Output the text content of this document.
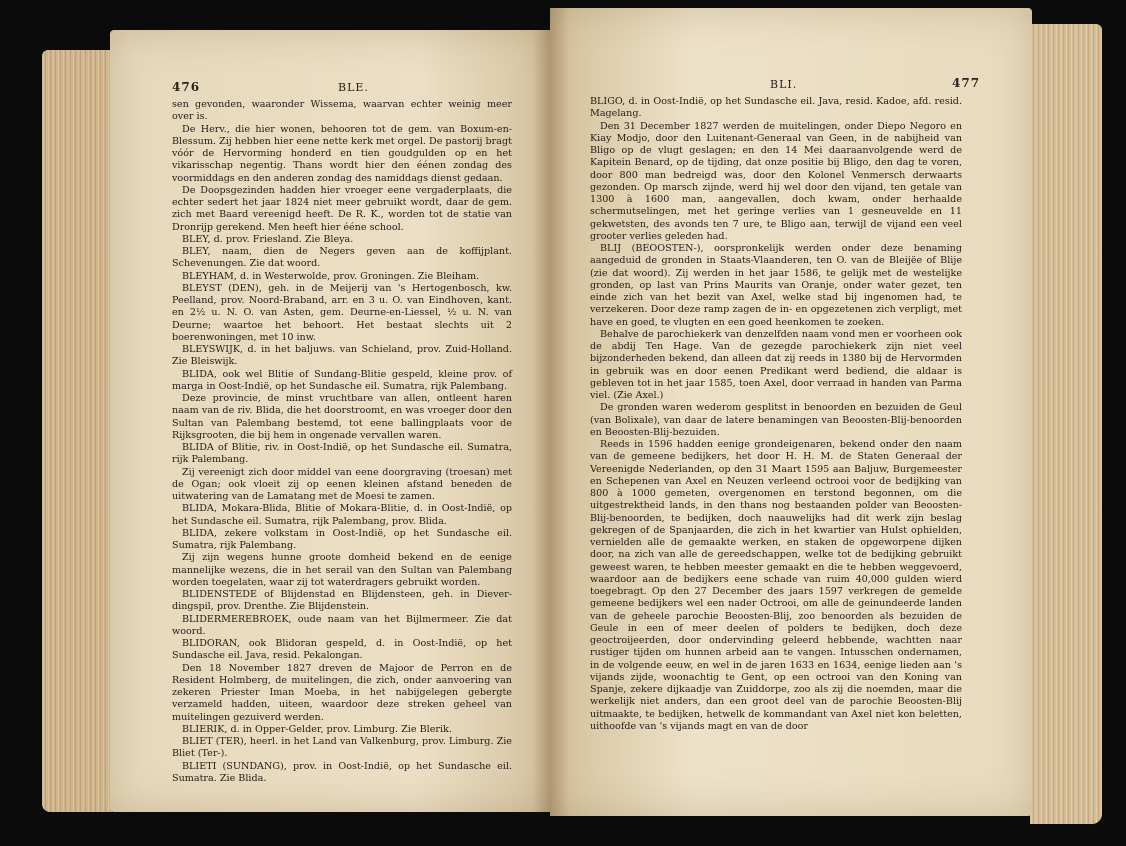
476	BLE.

sen gevonden, waaronder Wissema, waarvan echter weinig meer over is.

De Herv., die hier wonen, behooren tot de gem. van Boxum-en-Blessum. Zij hebben hier eene nette kerk met orgel. De pastorij bragt vóór de Hervorming honderd en tien goudgulden op en het vikarisschap negentig. Thans wordt hier den éénen zondag des voormiddags en den anderen zondag des namiddags dienst gedaan.

De Doopsgezinden hadden hier vroeger eene vergaderplaats, die echter sedert het jaar 1824 niet meer gebruikt wordt, daar de gem. zich met Baard vereenigd heeft. De R. K., worden tot de statie van Dronrijp gerekend. Men heeft hier ééne school.

BLEY, d. prov. Friesland. Zie Bleya.

BLEY, naam, dien de Negers geven aan de koffijplant. Schevenungen. Zie dat woord.

BLEYHAM, d. in Westerwolde, prov. Groningen. Zie Bleiham.

BLEYST (DEN), geh. in de Meijerij van 's Hertogenbosch, kw. Peelland, prov. Noord-Braband, arr. en 3 u. O. van Eindhoven, kant. en 2½ u. N. O. van Asten, gem. Deurne-en-Liessel, ½ u. N. van Deurne; waartoe het behoort. Het bestaat slechts uit 2 boerenwoningen, met 10 inw.

BLEYSWIJK, d. in het baljuws. van Schieland, prov. Zuid-Holland. Zie Bleiswijk.

BLIDA, ook wel Blitie of Sundang-Blitie gespeld, kleine prov. of marga in Oost-Indië, op het Sundasche eil. Sumatra, rijk Palembang.

Deze provincie, de minst vruchtbare van allen, ontleent haren naam van de riv. Blida, die het doorstroomt, en was vroeger door den Sultan van Palembang bestemd, tot eene ballingplaats voor de Rijksgrooten, die bij hem in ongenade vervallen waren.

BLIDA of Blitie, riv. in Oost-Indië, op het Sundasche eil. Sumatra, rijk Palembang.

Zij vereenigt zich door middel van eene doorgraving (troesan) met de Ogan; ook vloeit zij op eenen kleinen afstand beneden de uitwatering van de Lamatang met de Moesi te zamen.

BLIDA, Mokara-Blida, Blitie of Mokara-Blitie, d. in Oost-Indië, op het Sundasche eil. Sumatra, rijk Palembang, prov. Blida.

BLIDA, zekere volkstam in Oost-Indië, op het Sundasche eil. Sumatra, rijk Palembang.

Zij zijn wegens hunne groote domheid bekend en de eenige mannelijke wezens, die in het serail van den Sultan van Palembang worden toegelaten, waar zij tot waterdragers gebruikt worden.

BLIDENSTEDE of Blijdenstad en Blijdensteen, geh. in Diever-dingspil, prov. Drenthe. Zie Blijdenstein.

BLIDERMEREBROEK, oude naam van het Bijlmermeer. Zie dat woord.

BLIDORAN, ook Blidoran gespeld, d. in Oost-Indië, op het Sundasche eil. Java, resid. Pekalongan.

Den 18 November 1827 dreven de Majoor de Perron en de Resident Holmberg, de muitelingen, die zich, onder aanvoering van zekeren Priester Iman Moeba, in het nabijgelegen gebergte verzameld hadden, uiteen, waardoor deze streken geheel van muitelingen gezuiverd werden.

BLIERIK, d. in Opper-Gelder, prov. Limburg. Zie Blerik.

BLIET (TER), heerl. in het Land van Valkenburg, prov. Limburg. Zie Bliet (Ter-).

BLIETI (SUNDANG), prov. in Oost-Indië, op het Sundasche eil. Sumatra. Zie Blida.

BLI.	477

BLIGO, d. in Oost-Indië, op het Sundasche eil. Java, resid. Kadoe, afd. resid. Magelang.

Den 31 December 1827 werden de muitelingen, onder Diepo Negoro en Kiay Modjo, door den Luitenant-Generaal van Geen, in de nabijheid van Bligo op de vlugt geslagen; en den 14 Mei daaraanvolgende werd de Kapitein Benard, op de tijding, dat onze positie bij Bligo, den dag te voren, door 800 man bedreigd was, door den Kolonel Venmersch derwaarts gezonden. Op marsch zijnde, werd hij wel door den vijand, ten getale van 1300 à 1600 man, aangevallen, doch kwam, onder herhaalde schermutselingen, met het geringe verlies van 1 gesneuvelde en 11 gekwetsten, des avonds ten 7 ure, te Bligo aan, terwijl de vijand een veel grooter verlies geleden had.

BLIJ (BEOOSTEN-), oorspronkelijk werden onder deze benaming aangeduid de gronden in Staats-Vlaanderen, ten O. van de Bleijëe of Blije (zie dat woord). Zij werden in het jaar 1586, te gelijk met de westelijke gronden, op last van Prins Maurits van Oranje, onder water gezet, ten einde zich van het bezit van Axel, welke stad bij ingenomen had, te verzekeren. Door deze ramp zagen de in- en opgezetenen zich verpligt, met have en goed, te vlugten en een goed heenkomen te zoeken.

Behalve de parochiekerk van denzelfden naam vond men er voorheen ook de abdij Ten Hage. Van de gezegde parochiekerk zijn niet veel bijzonderheden bekend, dan alleen dat zij reeds in 1380 bij de Hervormden in gebruik was en door eenen Predikant werd bediend, die aldaar is gebleven tot in het jaar 1585, toen Axel, door verraad in handen van Parma viel. (Zie Axel.)

De gronden waren wederom gesplitst in benoorden en bezuiden de Geul (van Bolixale), van daar de latere benamingen van Beoosten-Blij-benoorden en Beoosten-Blij-bezuiden.

Reeds in 1596 hadden eenige grondeigenaren, bekend onder den naam van de gemeene bedijkers, het door H. H. M. de Staten Generaal der Vereenigde Nederlanden, op den 31 Maart 1595 aan Baljuw, Burgemeester en Schepenen van Axel en Neuzen verleend octrooi voor de bedijking van 800 à 1000 gemeten, overgenomen en terstond begonnen, om die uitgestrektheid lands, in den thans nog bestaanden polder van Beoosten-Blij-benoorden, te bedijken, doch naauwelijks had dit werk zijn beslag gekregen of de Spanjaarden, die zich in het kwartier van Hulst ophielden, vernielden alle de gemaakte werken, en staken de opgeworpene dijken door, na zich van alle de gereedschappen, welke tot de bedijking gebruikt geweest waren, te hebben meester gemaakt en die te hebben weggevoerd, waardoor aan de bedijkers eene schade van ruim 40,000 gulden wierd toegebragt. Op den 27 December des jaars 1597 verkregen de gemelde gemeene bedijkers wel een nader Octrooi, om alle de geinundeerde landen van de geheele parochie Beoosten-Blij, zoo benoorden als bezuiden de Geule in een of meer deelen of polders te bedijken, doch deze geoctroijeerden, door ondervinding geleerd hebbende, wachtten naar rustiger tijden om hunnen arbeid aan te vangen. Intusschen ondernamen, in de volgende eeuw, en wel in de jaren 1633 en 1634, eenige lieden aan 's vijands zijde, woonachtig te Gent, op een octrooi van den Koning van Spanje, zekere dijkaadje van Zuiddorpe, zoo als zij die noemden, maar die werkelijk niet anders, dan een groot deel van de parochie Beoosten-Blij uitmaakte, te bedijken, hetwelk de kommandant van Axel niet kon beletten, uithoofde van 's vijands magt en van de door
